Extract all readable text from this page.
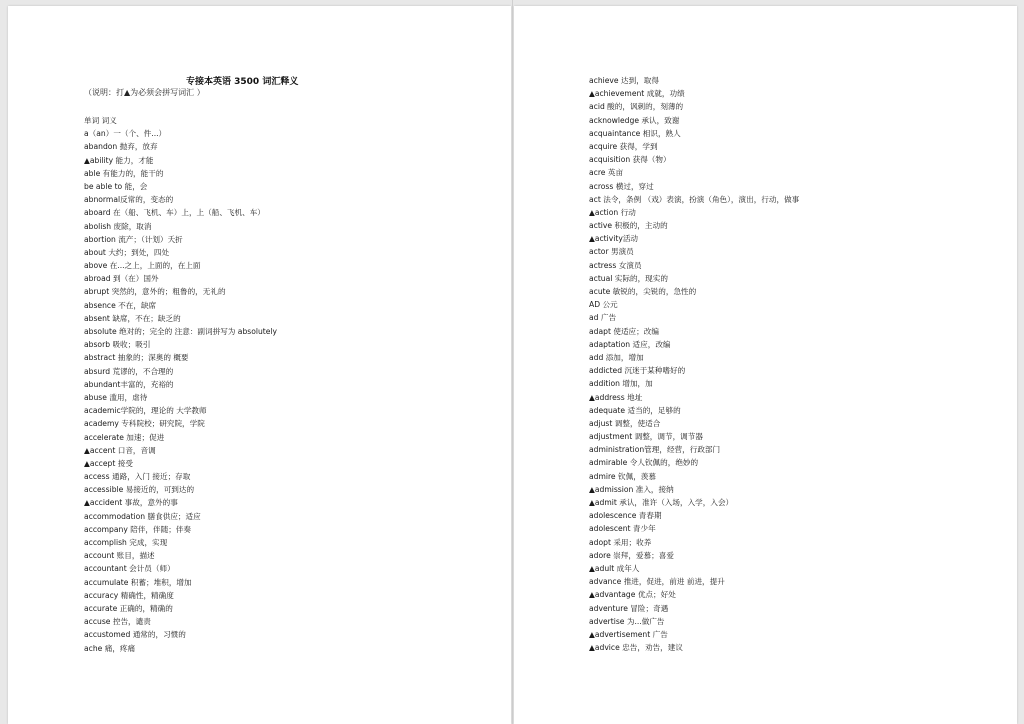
专接本英语 3500 词汇释义
（说明：打▲为必须会拼写词汇 ）
单词 词义
a（an）一（个、件...）
abandon 抛弃，放弃
▲ability 能力，才能
able 有能力的，能干的
be able to 能，会
abnormal反常的，变态的
aboard 在（船、飞机、车）上，上（船、飞机、车）
abolish 废除，取消
abortion 流产；（计划）夭折
about 大约；到处，四处
above 在...之上，上面的，在上面
abroad 到（在）国外
abrupt 突然的，意外的；粗鲁的，无礼的
absence 不在，缺席
absent 缺席，不在；缺乏的
absolute 绝对的；完全的 注意：副词拼写为 absolutely
absorb 吸收；吸引
abstract 抽象的；深奥的 概要
absurd 荒谬的，不合理的
abundant丰富的，充裕的
abuse 滥用，虐待
academic学院的，理论的 大学教师
academy 专科院校；研究院，学院
accelerate 加速；促进
▲accent 口音，音调
▲accept 接受
access 通路，入门 接近；存取
accessible 易接近的，可到达的
▲accident 事故，意外的事
accommodation 膳食供应；适应
accompany 陪伴，伴随；伴奏
accomplish 完成，实现
account 账目，描述
accountant 会计员（师）
accumulate 积蓄；堆积，增加
accuracy 精确性，精确度
accurate 正确的，精确的
accuse 控告，谴责
accustomed 通常的，习惯的
ache 痛，疼痛
achieve 达到，取得
▲achievement 成就，功绩
acid 酸的，讽刺的，刻薄的
acknowledge 承认，致谢
acquaintance 相识，熟人
acquire 获得，学到
acquisition 获得（物）
acre 英亩
across 横过，穿过
act 法令，条例 （戏）表演，扮演（角色），演出，行动，做事
▲action 行动
active 积极的，主动的
▲activity活动
actor 男演员
actress 女演员
actual 实际的，现实的
acute 敏锐的，尖锐的，急性的
AD 公元
ad 广告
adapt 使适应；改编
adaptation 适应，改编
add 添加，增加
addicted 沉迷于某种嗜好的
addition 增加，加
▲address 地址
adequate 适当的，足够的
adjust 调整，使适合
adjustment 调整，调节，调节器
administration管理，经营，行政部门
admirable 令人钦佩的，绝妙的
admire 钦佩，羡慕
▲admission 准入，接纳
▲admit 承认，准许（入场，入学，入会）
adolescence 青春期
adolescent 青少年
adopt 采用；收养
adore 崇拜，爱慕；喜爱
▲adult 成年人
advance 推进，促进，前进 前进，提升
▲advantage 优点；好处
adventure 冒险；奇遇
advertise 为...做广告
▲advertisement 广告
▲advice 忠告，劝告，建议
